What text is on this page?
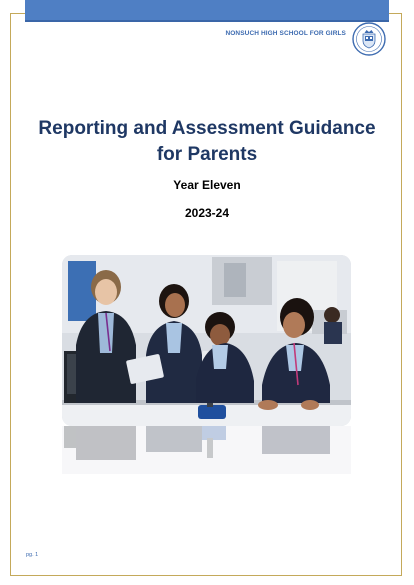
NONSUCH HIGH SCHOOL FOR GIRLS
Reporting and Assessment Guidance for Parents
Year Eleven
2023-24
pg. 1
